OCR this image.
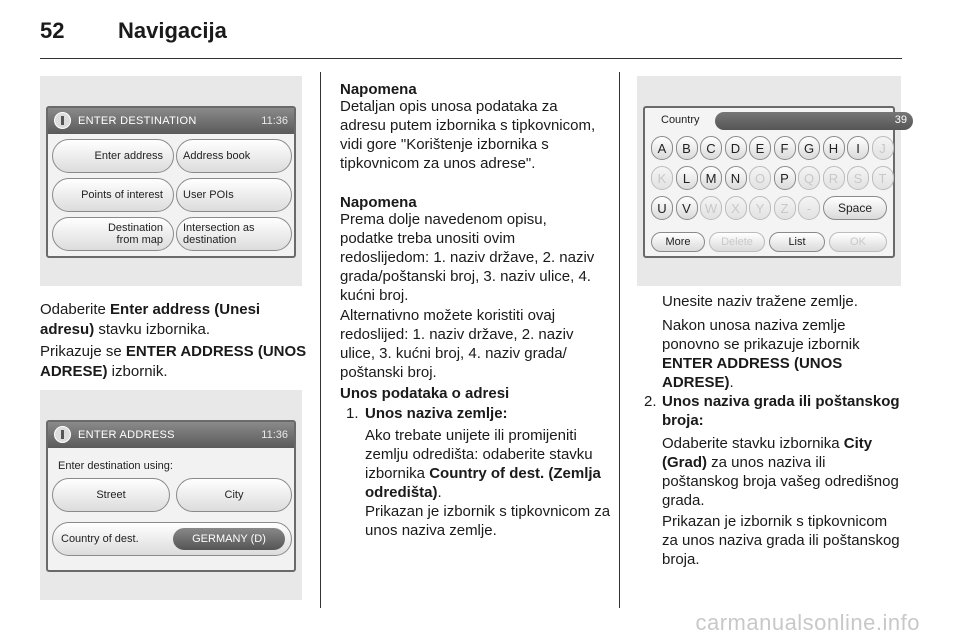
52 Navigacija
ENTER DESTINATION	11:36
Enter address	Address book
Points of interest	User POIs
Destination
from map
Intersection as
destination
Odaberite Enter address (Unesi adresu) stavku izbornika.
Prikazuje se ENTER ADDRESS (UNOS ADRESE) izbornik.
ENTER ADDRESS	11:36
Enter destination using:
Street	City
Country of dest.	GERMANY (D)
Napomena
Detaljan opis unosa podataka za adresu putem izbornika s tipkovnicom, vidi gore "Korištenje izbornika s tipkovnicom za unos adrese".
Napomena
Prema dolje navedenom opisu, podatke treba unositi ovim redoslijedom: 1. naziv države, 2. naziv grada/poštanski broj, 3. naziv ulice, 4. kućni broj.
Alternativno možete koristiti ovaj redoslijed: 1. naziv države, 2. naziv ulice, 3. kućni broj, 4. naziv grada/ poštanski broj.
Unos podataka o adresi
1. Unos naziva zemlje:
Ako trebate unijete ili promijeniti zemlju odredišta: odaberite stavku izbornika Country of dest. (Zemlja odredišta).
Prikazan je izbornik s tipkovnicom za unos naziva zemlje.
Country	39
A	B	C	D	E	F	G	H	I	J
K	L	M	N	O	P	Q	R	S	T
U	V	W	X	Y	Z	-	Space
More	Delete	List	OK
Unesite naziv tražene zemlje.
Nakon unosa naziva zemlje ponovno se prikazuje izbornik ENTER ADDRESS (UNOS ADRESE).
2. Unos naziva grada ili poštanskog broja:
Odaberite stavku izbornika City (Grad) za unos naziva ili poštanskog broja vašeg odredišnog grada.
Prikazan je izbornik s tipkovnicom za unos naziva grada ili poštanskog broja.
carmanualsonline.info
